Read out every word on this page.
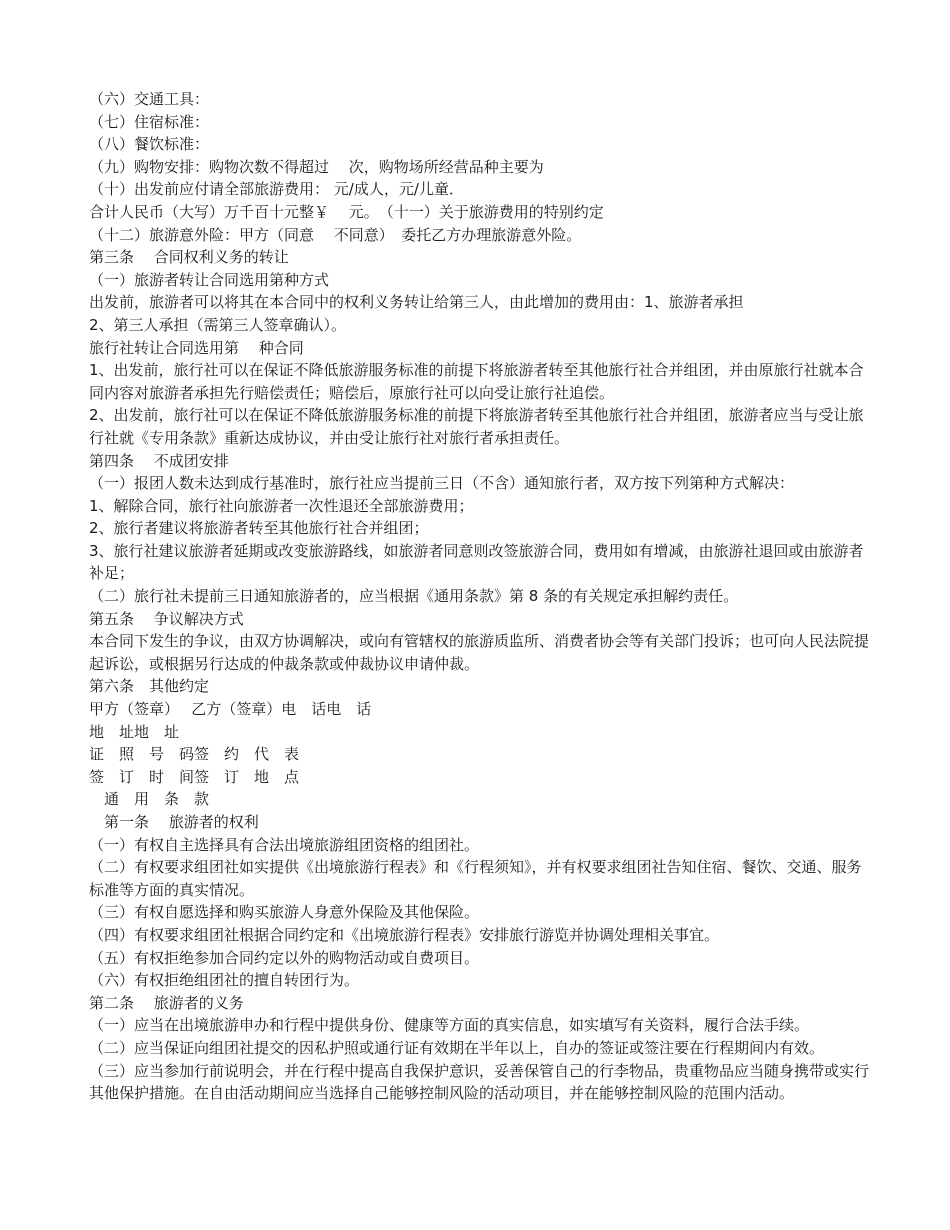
（六）交通工具：
（七）住宿标准：
（八）餐饮标准：
（九）购物安排：购物次数不得超过　 次，购物场所经营品种主要为
（十）出发前应付请全部旅游费用： 元/成人，元/儿童．
合计人民币（大写）万千百十元整￥ 　元。　（十一）关于旅游费用的特别约定
（十二）旅游意外险：甲方（同意　 不同意）　委托乙方办理旅游意外险。
第三条　 合同权利义务的转让
（一）旅游者转让合同选用第种方式
出发前，旅游者可以将其在本合同中的权利义务转让给第三人，由此增加的费用由：1、旅游者承担
2、第三人承担（需第三人签章确认）。
旅行社转让合同选用第　 种合同
1、出发前，旅行社可以在保证不降低旅游服务标准的前提下将旅游者转至其他旅行社合并组团，并由原旅行社就本合同内容对旅游者承担先行赔偿责任；赔偿后，原旅行社可以向受让旅行社追偿。
2、出发前，旅行社可以在保证不降低旅游服务标准的前提下将旅游者转至其他旅行社合并组团，旅游者应当与受让旅行社就《专用条款》重新达成协议，并由受让旅行社对旅行者承担责任。
第四条　 不成团安排
（一）报团人数未达到成行基准时，旅行社应当提前三日（不含）通知旅行者，双方按下列第种方式解决：
1、解除合同，旅行社向旅游者一次性退还全部旅游费用；
2、旅行者建议将旅游者转至其他旅行社合并组团；
3、旅行社建议旅游者延期或改变旅游路线，如旅游者同意则改签旅游合同，费用如有增减，由旅游社退回或由旅游者补足；
（二）旅行社未提前三日通知旅游者的，应当根据《通用条款》第 8 条的有关规定承担解约责任。
第五条　 争议解决方式
本合同下发生的争议，由双方协调解决，或向有管辖权的旅游质监所、消费者协会等有关部门投诉；也可向人民法院提起诉讼，或根据另行达成的仲裁条款或仲裁协议申请仲裁。
第六条　其他约定
甲方（签章）　 乙方（签章）电　话电　话
地　址地　址
证　照　号　码签　约　代　表
签　订　时　间签　订　地　点
　通　用　条　款
　第一条　 旅游者的权利
（一）有权自主选择具有合法出境旅游组团资格的组团社。
（二）有权要求组团社如实提供《出境旅游行程表》和《行程须知》，并有权要求组团社告知住宿、餐饮、交通、服务标准等方面的真实情况。
（三）有权自愿选择和购买旅游人身意外保险及其他保险。
（四）有权要求组团社根据合同约定和《出境旅游行程表》安排旅行游览并协调处理相关事宜。
（五）有权拒绝参加合同约定以外的购物活动或自费项目。
（六）有权拒绝组团社的擅自转团行为。
第二条　 旅游者的义务
（一）应当在出境旅游申办和行程中提供身份、健康等方面的真实信息，如实填写有关资料，履行合法手续。
（二）应当保证向组团社提交的因私护照或通行证有效期在半年以上，自办的签证或签注要在行程期间内有效。
（三）应当参加行前说明会，并在行程中提高自我保护意识，妥善保管自己的行李物品，贵重物品应当随身携带或实行其他保护措施。在自由活动期间应当选择自己能够控制风险的活动项目，并在能够控制风险的范围内活动。
